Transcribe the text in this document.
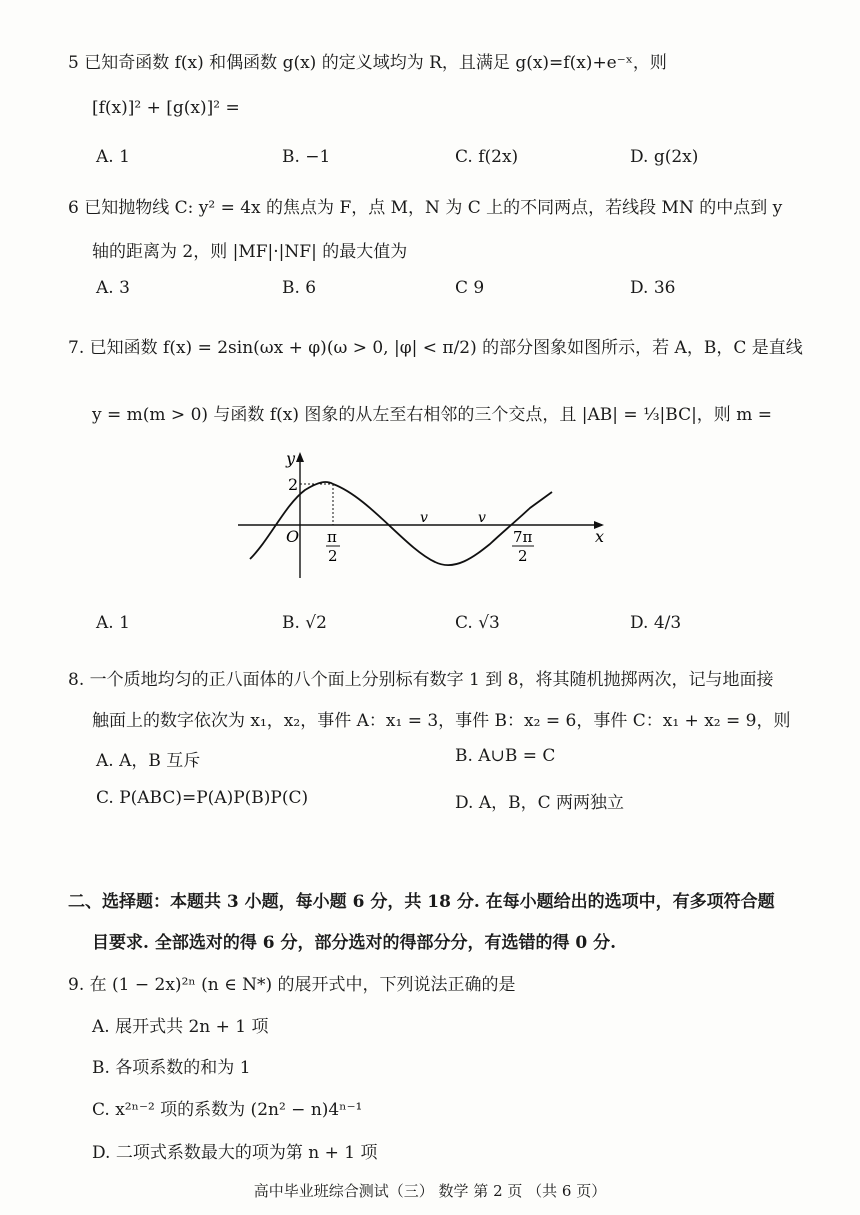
5 已知奇函数 f(x) 和偶函数 g(x) 的定义域均为 R，且满足 g(x)=f(x)+e⁻ˣ，则
[f(x)]² + [g(x)]² =
A. 1	B. −1	C. f(2x)	D. g(2x)
6 已知抛物线 C: y² = 4x 的焦点为 F，点 M，N 为 C 上的不同两点，若线段 MN 的中点到 y
轴的距离为 2，则 |MF|·|NF| 的最大值为
A. 3	B. 6	C 9	D. 36
7. 已知函数 f(x) = 2sin(ωx + φ)(ω > 0, |φ| < π/2) 的部分图象如图所示，若 A，B，C 是直线
y = m(m > 0) 与函数 f(x) 图象的从左至右相邻的三个交点，且 |AB| = ⅓|BC|，则 m =
y
x
O
2
π
2
7π
2
v	v
A. 1	B. √2	C. √3	D. 4/3
8. 一个质地均匀的正八面体的八个面上分别标有数字 1 到 8，将其随机抛掷两次，记与地面接
触面上的数字依次为 x₁，x₂，事件 A：x₁ = 3，事件 B：x₂ = 6，事件 C：x₁ + x₂ = 9，则
A. A，B 互斥	B. A∪B = C
C. P(ABC)=P(A)P(B)P(C)	D. A，B，C 两两独立
二、选择题：本题共 3 小题，每小题 6 分，共 18 分. 在每小题给出的选项中，有多项符合题
目要求. 全部选对的得 6 分，部分选对的得部分分，有选错的得 0 分.
9. 在 (1 − 2x)²ⁿ (n ∈ N*) 的展开式中，下列说法正确的是
A. 展开式共 2n + 1 项
B. 各项系数的和为 1
C. x²ⁿ⁻² 项的系数为 (2n² − n)4ⁿ⁻¹
D. 二项式系数最大的项为第 n + 1 项
高中毕业班综合测试（三） 数学 第 2 页 （共 6 页）
